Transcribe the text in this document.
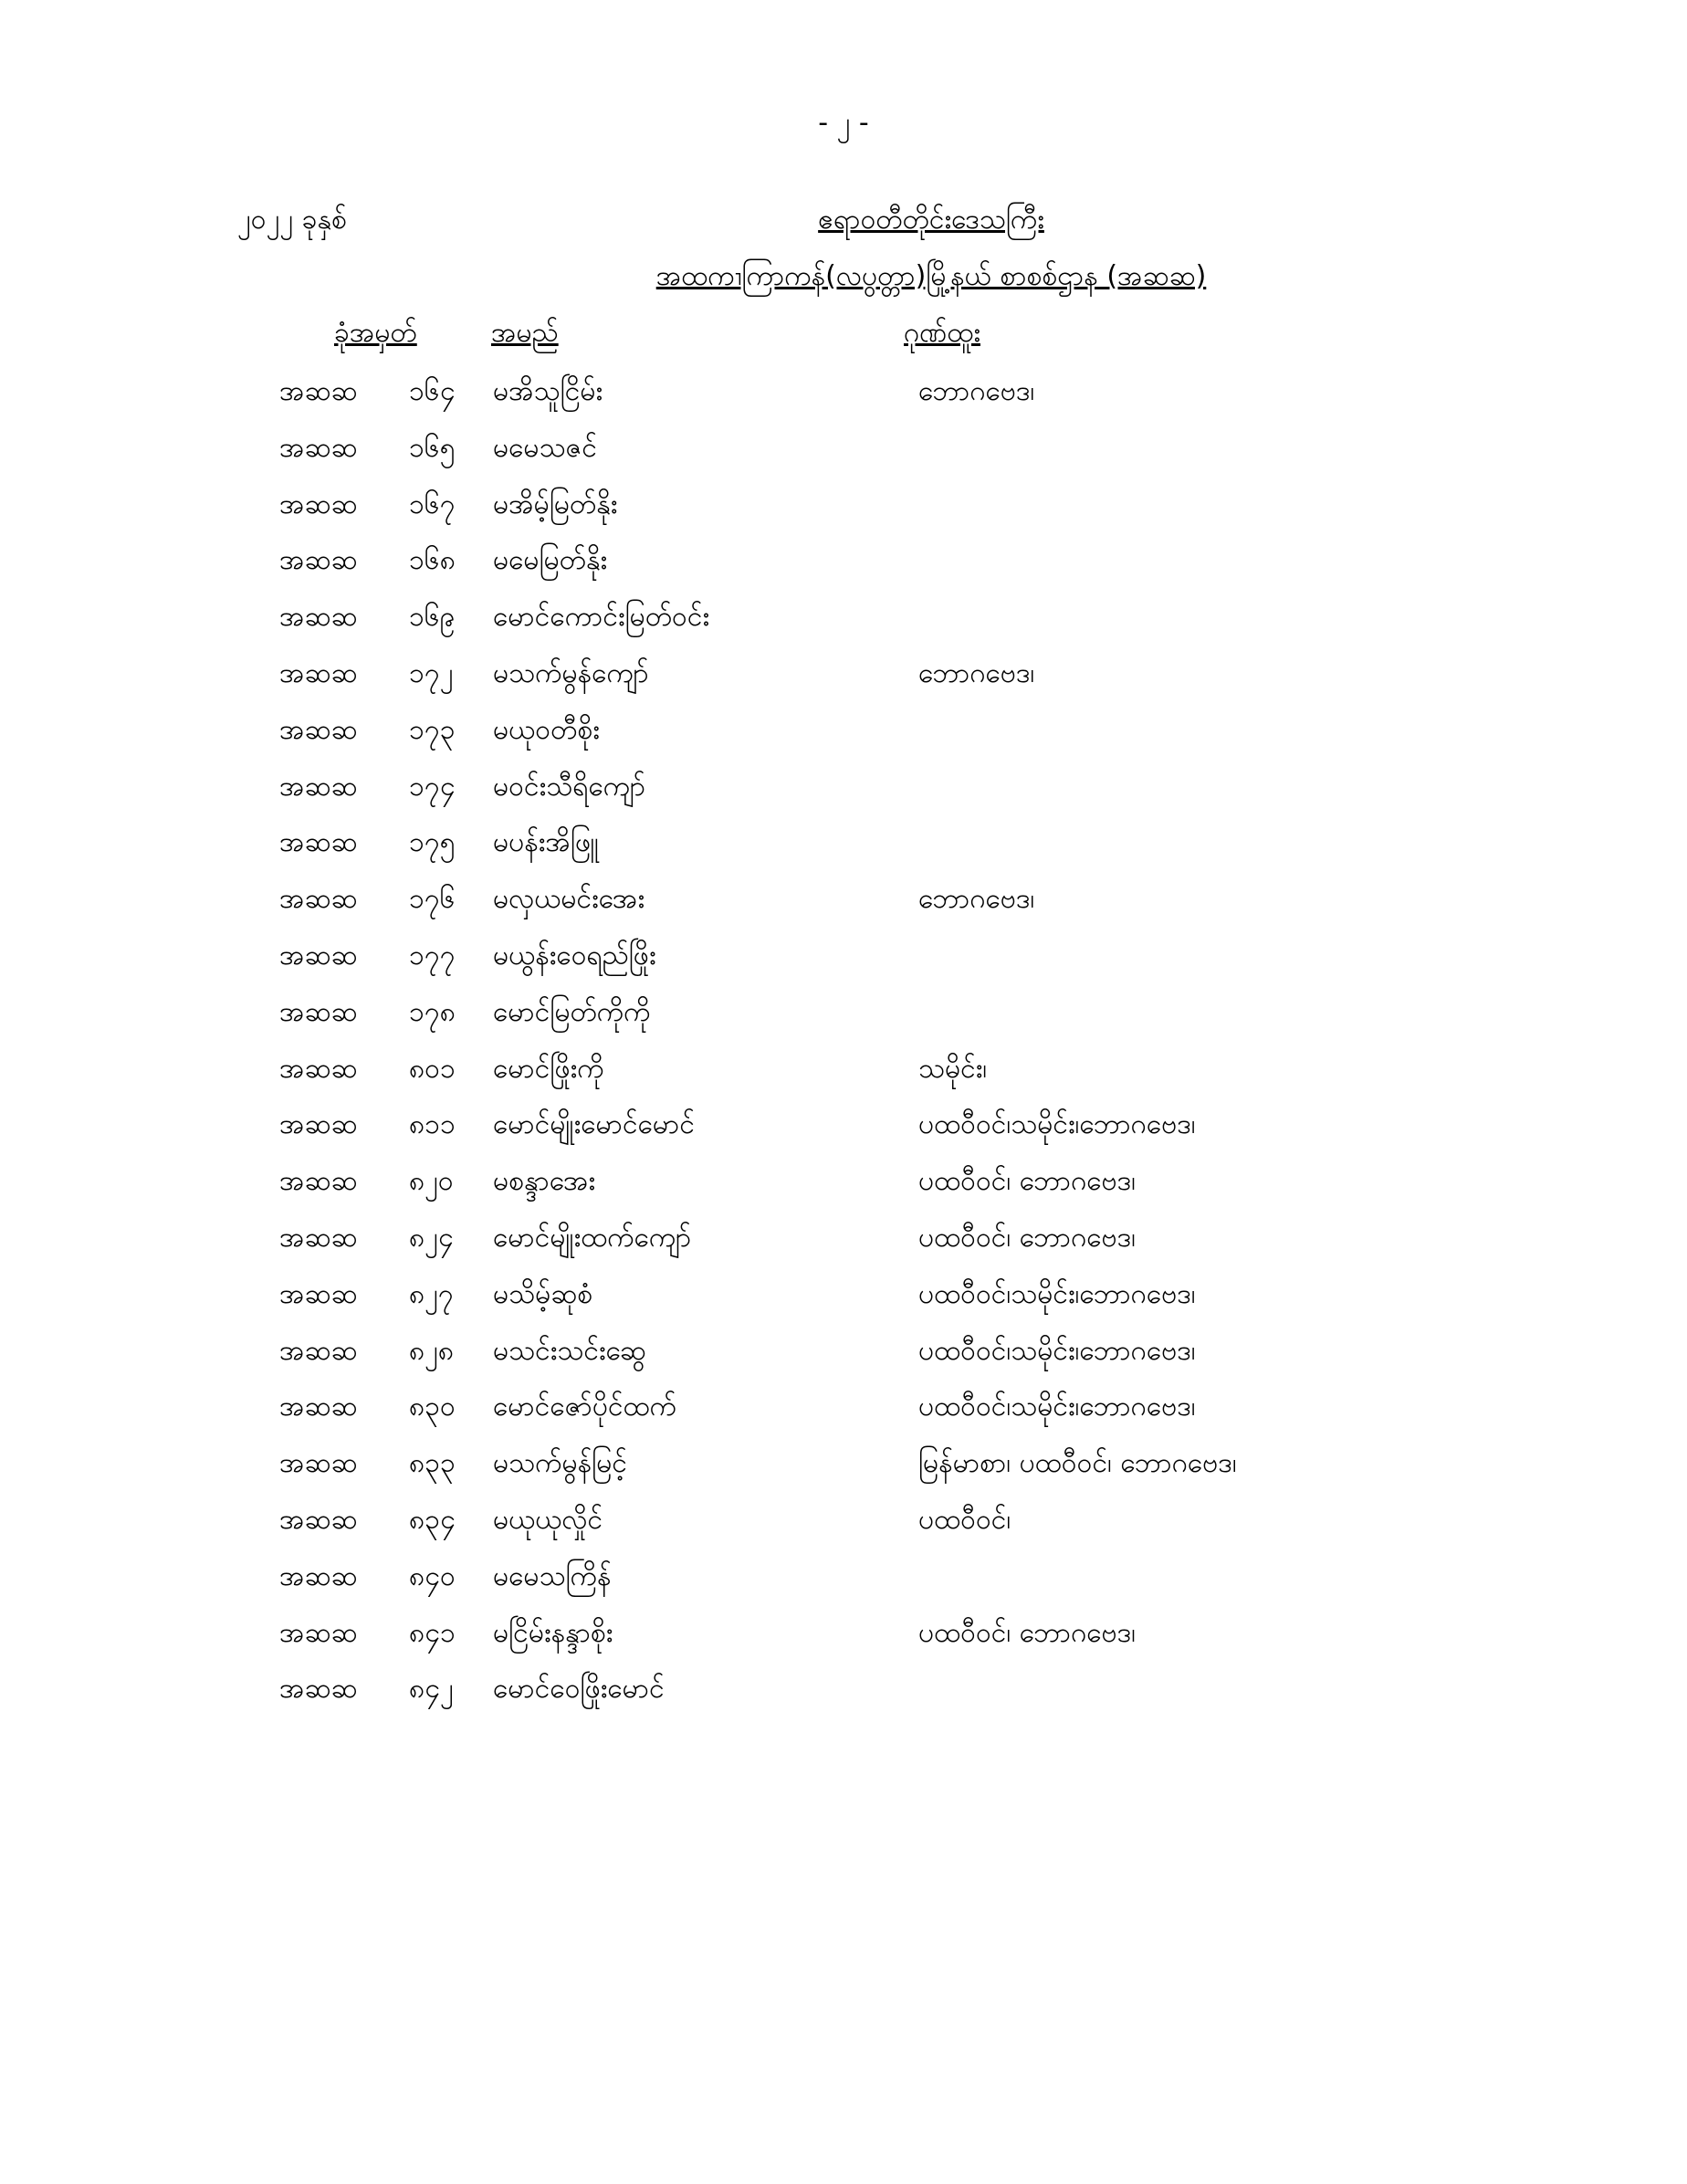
- ၂ -
၂၀၂၂ ခုနှစ်	ဧရာဝတီတိုင်းဒေသကြီး
အထကၢကြာကန်(လပွတ္တာ)မြို့နယ် စာစစ်ဌာန (အဆဆ)
ခုံအမှတ်	အမည်	ဂုဏ်ထူး
အဆဆ ၁၆၄ မအိသူငြိမ်း	ဘောဂဗေဒ၊
အဆဆ ၁၆၅ မမေသဇင်
အဆဆ ၁၆၇ မအိမ့်မြတ်နိုး
အဆဆ ၁၆၈ မမေမြတ်နိုး
အဆဆ ၁၆၉ မောင်ကောင်းမြတ်ဝင်း
အဆဆ ၁၇၂ မသက်မွန်ကျော်	ဘောဂဗေဒ၊
အဆဆ ၁၇၃ မယုဝတီစိုး
အဆဆ ၁၇၄ မဝင်းသီရိကျော်
အဆဆ ၁၇၅ မပန်းအိဖြူ
အဆဆ ၁၇၆ မလှယမင်းအေး	ဘောဂဗေဒ၊
အဆဆ ၁၇၇ မယွန်းဝေရည်ဖြိုး
အဆဆ ၁၇၈ မောင်မြတ်ကိုကို
အဆဆ ၈၀၁ မောင်ဖြိုးကို	သမိုင်း၊
အဆဆ ၈၁၁ မောင်မျိုးမောင်မောင်	ပထဝီဝင်၊သမိုင်း၊ဘောဂဗေဒ၊
အဆဆ ၈၂၀ မစန္ဒာအေး	ပထဝီဝင်၊ ဘောဂဗေဒ၊
အဆဆ ၈၂၄ မောင်မျိုးထက်ကျော်	ပထဝီဝင်၊ ဘောဂဗေဒ၊
အဆဆ ၈၂၇ မသိမ့်ဆုစံ	ပထဝီဝင်၊သမိုင်း၊ဘောဂဗေဒ၊
အဆဆ ၈၂၈ မသင်းသင်းဆွေ	ပထဝီဝင်၊သမိုင်း၊ဘောဂဗေဒ၊
အဆဆ ၈၃၀ မောင်ဇော်ပိုင်ထက်	ပထဝီဝင်၊သမိုင်း၊ဘောဂဗေဒ၊
အဆဆ ၈၃၃ မသက်မွန်မြင့်	မြန်မာစာ၊ ပထဝီဝင်၊ ဘောဂဗေဒ၊
အဆဆ ၈၃၄ မယုယုလှိုင်	ပထဝီဝင်၊
အဆဆ ၈၄၀ မမေသကြိန်
အဆဆ ၈၄၁ မငြိမ်းနန္ဒာစိုး	ပထဝီဝင်၊ ဘောဂဗေဒ၊
အဆဆ ၈၄၂ မောင်ဝေဖြိုးမောင်
